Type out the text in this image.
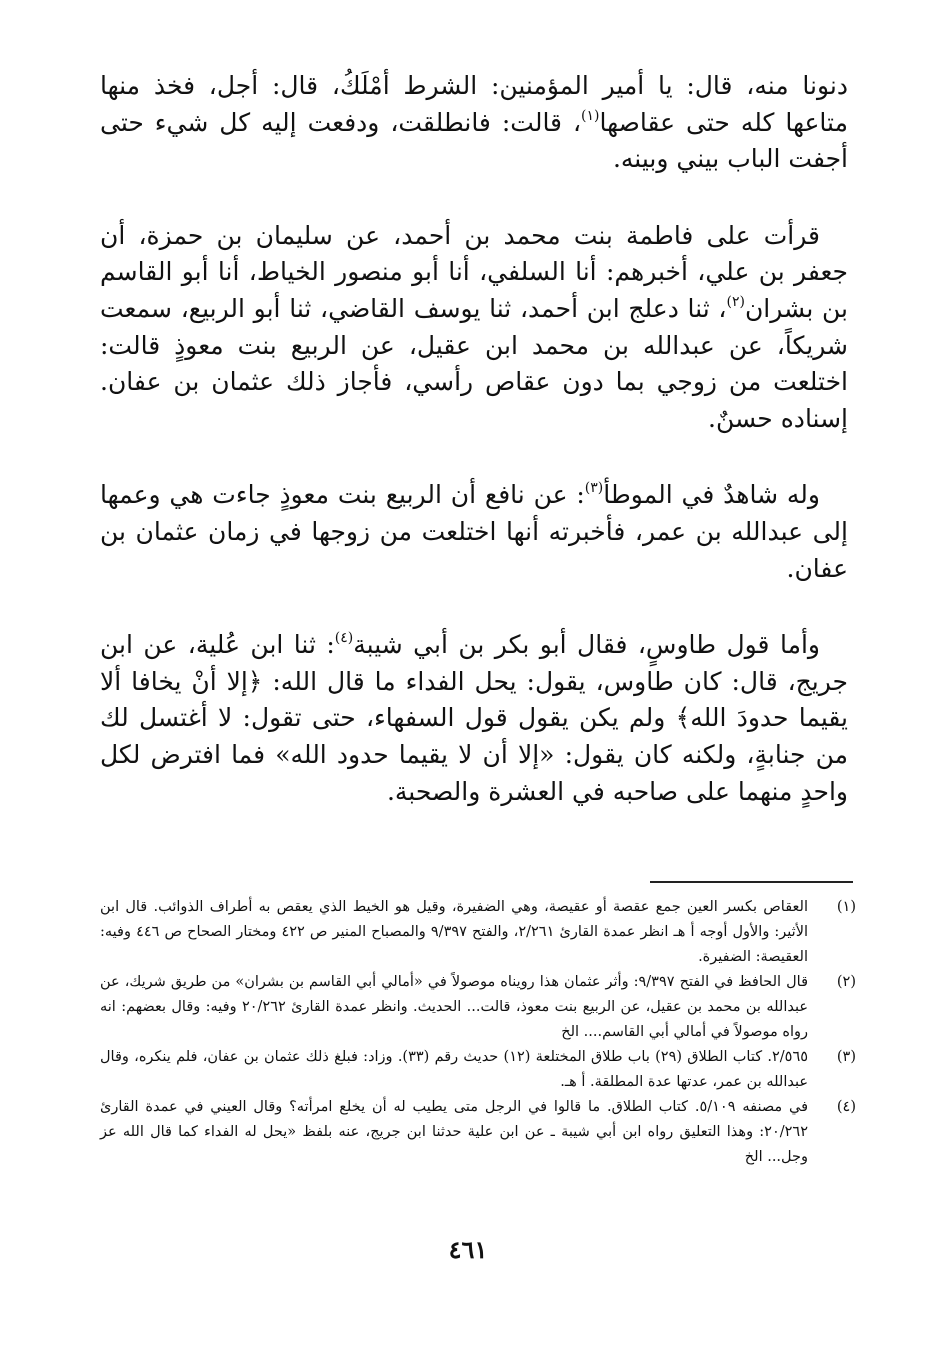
دنونا منه، قال: يا أمير المؤمنين: الشرط أمْلَكُ، قال: أجل، فخذ منها متاعها كله حتى عقاصها$^{(١)}$، قالت: فانطلقت، ودفعت إليه كل شيء حتى أجفت الباب بيني وبينه.

قرأت على فاطمة بنت محمد بن أحمد، عن سليمان بن حمزة، أن جعفر بن علي، أخبرهم: أنا السلفي، أنا أبو منصور الخياط، أنا أبو القاسم بن بشران$^{(٢)}$، ثنا دعلج ابن أحمد، ثنا يوسف القاضي، ثنا أبو الربيع، سمعت شريكاً، عن عبدالله بن محمد ابن عقيل، عن الربيع بنت معوذٍ قالت: اختلعت من زوجي بما دون عقاص رأسي، فأجاز ذلك عثمان بن عفان. إسناده حسنٌ.

وله شاهدٌ في الموطأ$^{(٣)}$: عن نافع أن الربيع بنت معوذٍ جاءت هي وعمها إلى عبدالله بن عمر، فأخبرته أنها اختلعت من زوجها في زمان عثمان بن عفان.

وأما قول طاوسٍ، فقال أبو بكر بن أبي شيبة$^{(٤)}$: ثنا ابن عُلية، عن ابن جريج، قال: كان طاوس، يقول: يحل الفداء ما قال الله: ﴿إلا أنْ يخافا ألا يقيما حدودَ الله﴾ ولم يكن يقول قول السفهاء، حتى تقول: لا أغتسل لك من جنابةٍ، ولكنه كان يقول: «إلا أن لا يقيما حدود الله» فما افترض لكل واحدٍ منهما على صاحبه في العشرة والصحبة.

(١)
العقاص بكسر العين جمع عقصة أو عقيصة، وهي الضفيرة، وقيل هو الخيط الذي يعقص به أطراف الذوائب. قال ابن الأثير: والأول أوجه أ هـ انظر عمدة القارئ ٢/٢٦١، والفتح ٩/٣٩٧ والمصباح المنير ص ٤٢٢ ومختار الصحاح ص ٤٤٦ وفيه: العقيصة: الضفيرة.
(٢)
قال الحافظ في الفتح ٩/٣٩٧: وأثر عثمان هذا رويناه موصولاً في «أمالي أبي القاسم بن بشران» من طريق شريك، عن عبدالله بن محمد بن عقيل، عن الربيع بنت معوذ، قالت... الحديث. وانظر عمدة القارئ ٢٠/٢٦٢ وفيه: وقال بعضهم: انه رواه موصولاً في أمالي أبي القاسم.... الخ
(٣)
٢/٥٦٥. كتاب الطلاق (٢٩) باب طلاق المختلعة (١٢) حديث رقم (٣٣). وزاد: فبلغ ذلك عثمان بن عفان، فلم ينكره، وقال عبدالله بن عمر، عدتها عدة المطلقة. أ هـ.
(٤)
في مصنفه ٥/١٠٩. كتاب الطلاق. ما قالوا في الرجل متى يطيب له أن يخلع امرأته؟ وقال العيني في عمدة القارئ ٢٠/٢٦٢: وهذا التعليق رواه ابن أبي شيبة ـ عن ابن علية حدثنا ابن جريج، عنه بلفظ «يحل له الفداء كما قال الله عز وجل... الخ
٤٦١
